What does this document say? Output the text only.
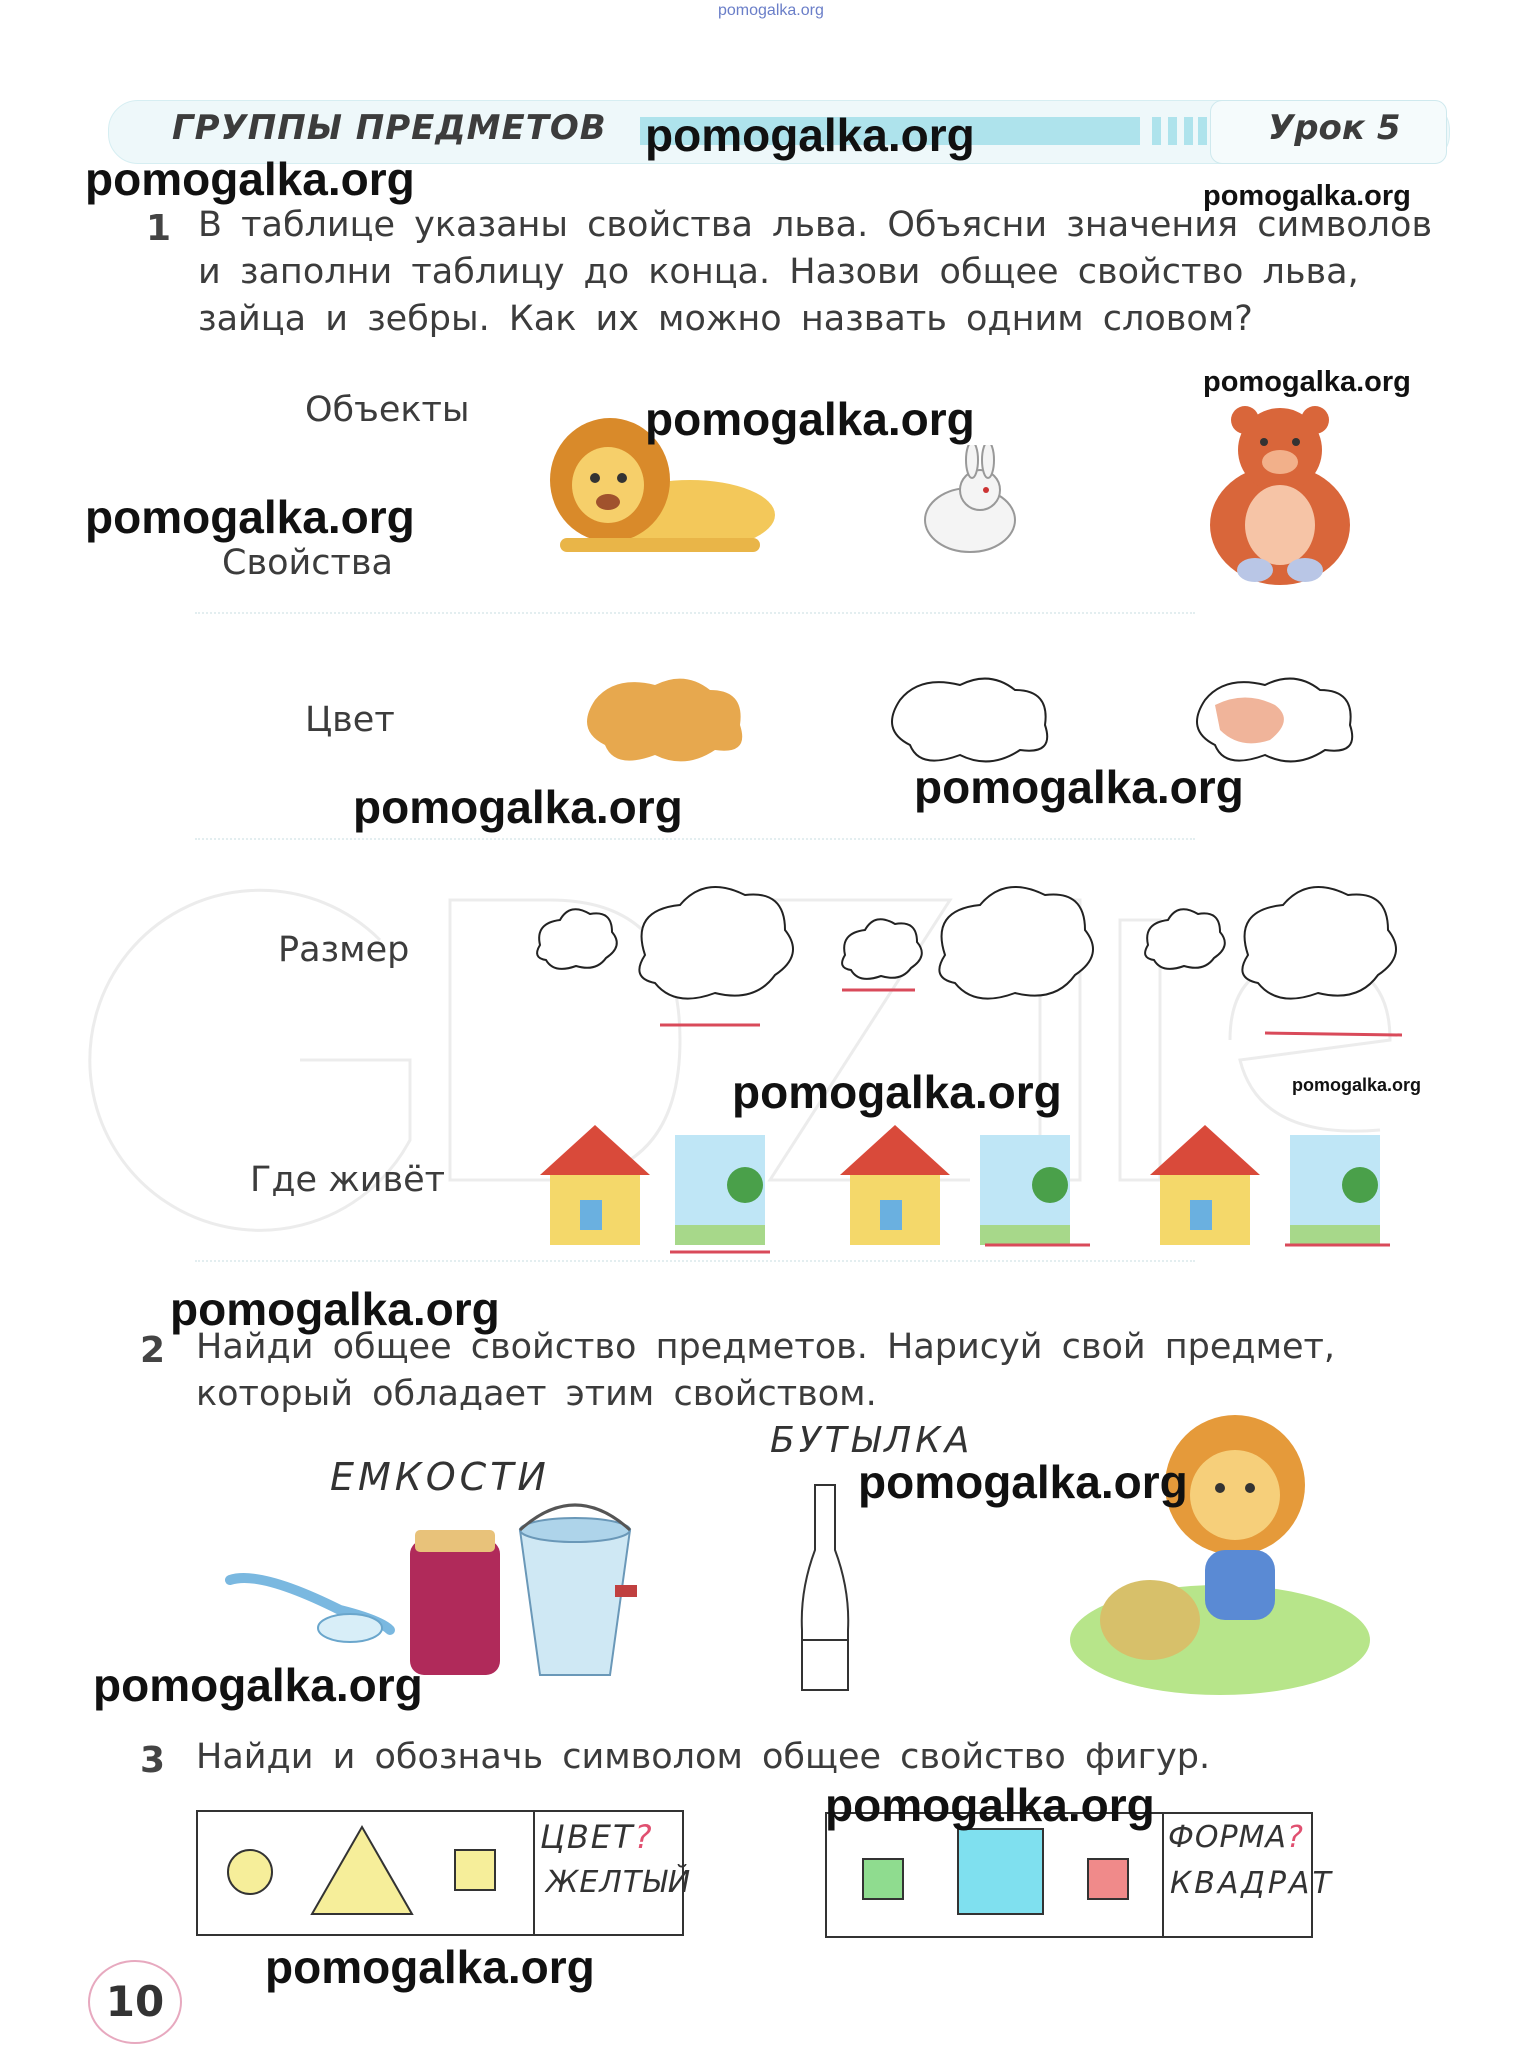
pomogalka.org
ГРУППЫ ПРЕДМЕТОВ	Урок 5
1 В таблице указаны свойства льва. Объясни значения символов
и заполни таблицу до конца. Назови общее свойство льва,
зайца и зебры. Как их можно назвать одним словом?
Объекты
Свойства
Цвет
Размер
Где живёт
2 Найди общее свойство предметов. Нарисуй свой предмет,
который обладает этим свойством.
ЕМКОСТИ
БУТЫЛКА
3 Найди и обозначь символом общее свойство фигур.
ЦВЕТ?
ЖЕЛТЫЙ
ФОРМА?
КВАДРАТ
10
pomogalka.org
pomogalka.org	pomogalka.org
pomogalka.org
pomogalka.org
pomogalka.org
pomogalka.org	pomogalka.org
pomogalka.org	pomogalka.org
pomogalka.org
pomogalka.org
pomogalka.org
pomogalka.org
pomogalka.org
